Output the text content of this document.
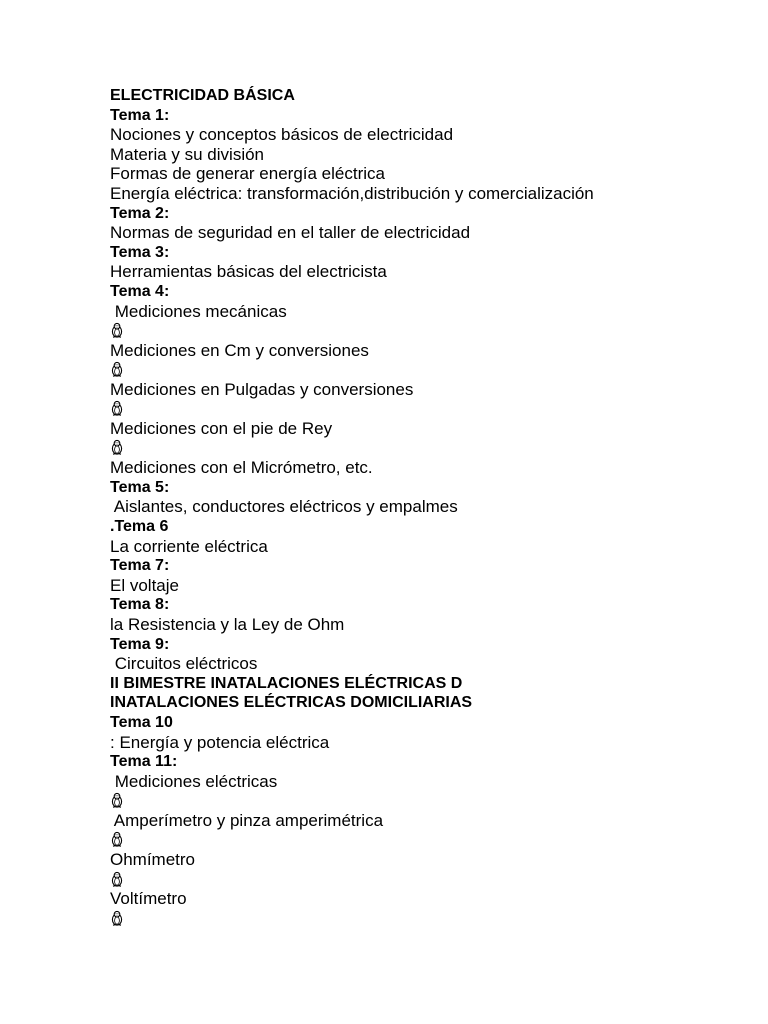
ELECTRICIDAD BÁSICA
Tema 1:
Nociones y conceptos básicos de electricidad
Materia y su división
Formas de generar energía eléctrica
Energía eléctrica: transformación,distribución y comercialización
Tema 2:
Normas de seguridad en el taller de electricidad
Tema 3:
Herramientas básicas del electricista
Tema 4:
Mediciones mecánicas
Mediciones en Cm y conversiones
Mediciones en Pulgadas y conversiones
Mediciones con el pie de Rey
Mediciones con el Micrómetro, etc.
Tema 5:
Aislantes, conductores eléctricos y empalmes
.Tema 6
La corriente eléctrica
Tema 7:
El voltaje
Tema 8:
la Resistencia y la Ley de Ohm
Tema 9:
Circuitos eléctricos
II BIMESTRE INATALACIONES ELÉCTRICAS D
INATALACIONES ELÉCTRICAS DOMICILIARIAS
Tema 10
: Energía y potencia eléctrica
Tema 11:
Mediciones eléctricas
Amperímetro y pinza amperimétrica
Ohmímetro
Voltímetro
